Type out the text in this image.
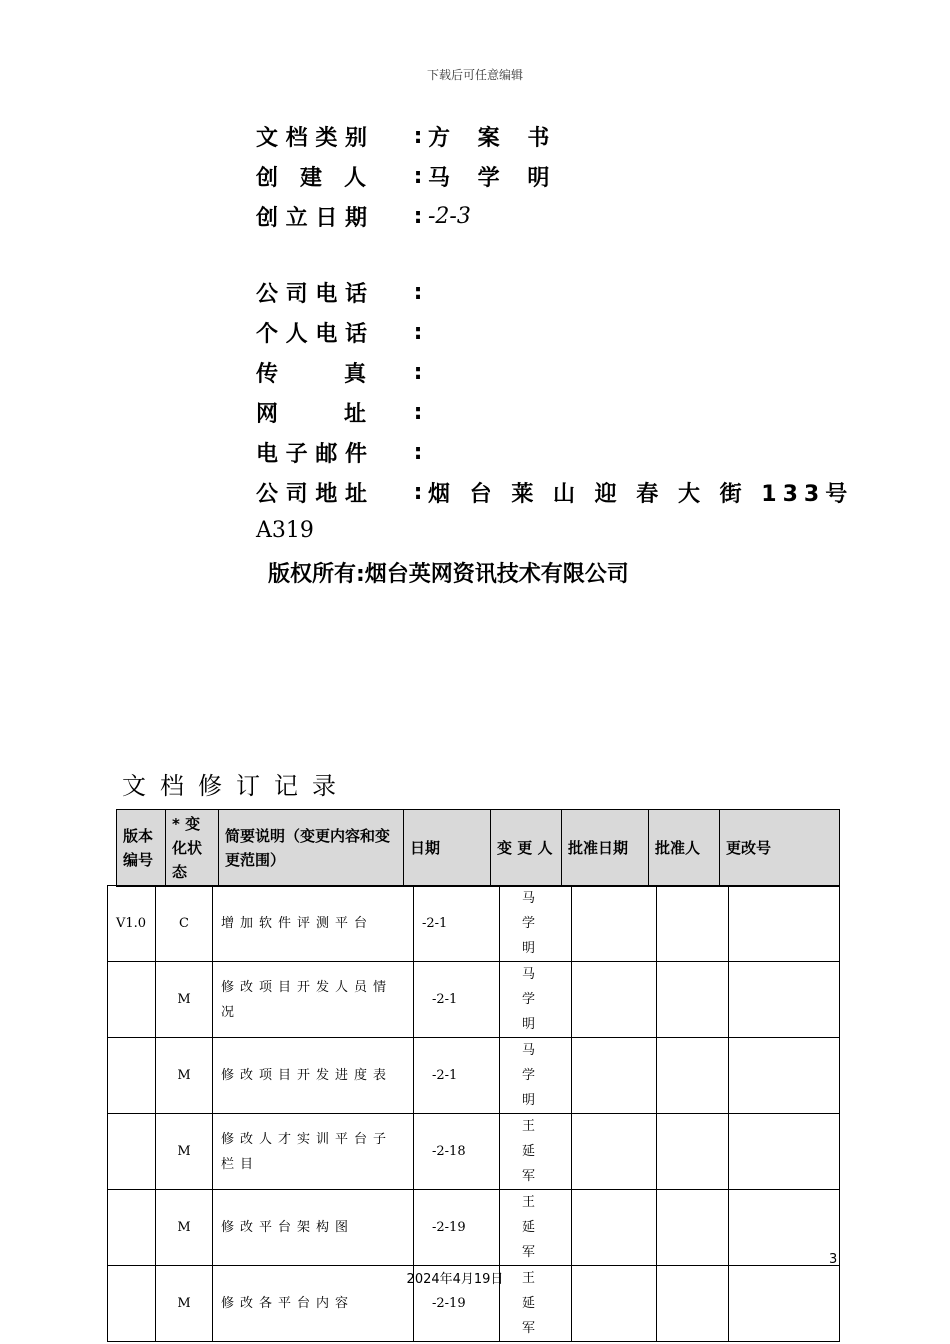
下载后可任意编辑
文 档 类 别	: 方 案 书
创　建　人	: 马 学 明
创 立 日 期	: -2-3
公 司 电 话	:
个 人 电 话	:
传　　　真	:
网　　　址	:
电 子 邮 件	:
公 司 地 址	: 烟 台 莱 山 迎 春 大 街 133号
A319
版权所有:烟台英网资讯技术有限公司
文档修订记录
版本编号	* 变化状态	简要说明（变更内容和变更范围）	日期	变 更 人	批准日期	批准人	更改号
V1.0	C	增加软件评测平台	-2-1	马 学 明			
	M	修改项目开发人员情况	-2-1	马 学 明			
	M	修改项目开发进度表	-2-1	马 学 明			
	M	修改人才实训平台子栏目	-2-18	王 延 军			
	M	修改平台架构图	-2-19	王 延 军			
	M	修改各平台内容	-2-19	王 延 军			
3
2024年4月19日
